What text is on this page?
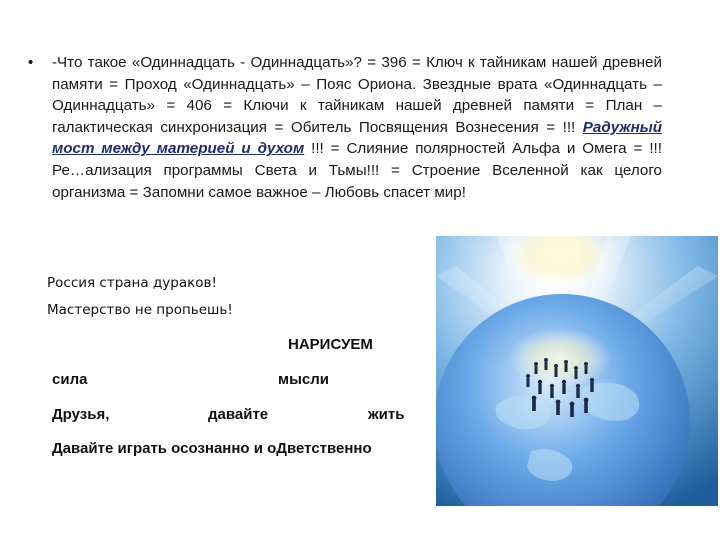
• -Что такое «Одиннадцать - Одиннадцать»? = 396 = Ключ к тайникам нашей древней памяти = Проход «Одиннадцать» – Пояс Ориона. Звездные врата «Одиннадцать – Одиннадцать» = 406 = Ключи к тайникам нашей древней памяти = План – галактическая синхронизация = Обитель Посвящения Вознесения = !!! Радужный мост между материей и духом !!! = Слияние полярностей Альфа и Омега = !!! Ре…ализация программы Света и Тьмы!!! = Строение Вселенной как целого организма = Запомни самое важное – Любовь спасет мир!
Россия страна дураков!
Мастерство не пропьешь!
НАРИСУЕМ
сила	мысли
Друзья,	давайте	жить
Давайте играть осознанно и оДветственно
